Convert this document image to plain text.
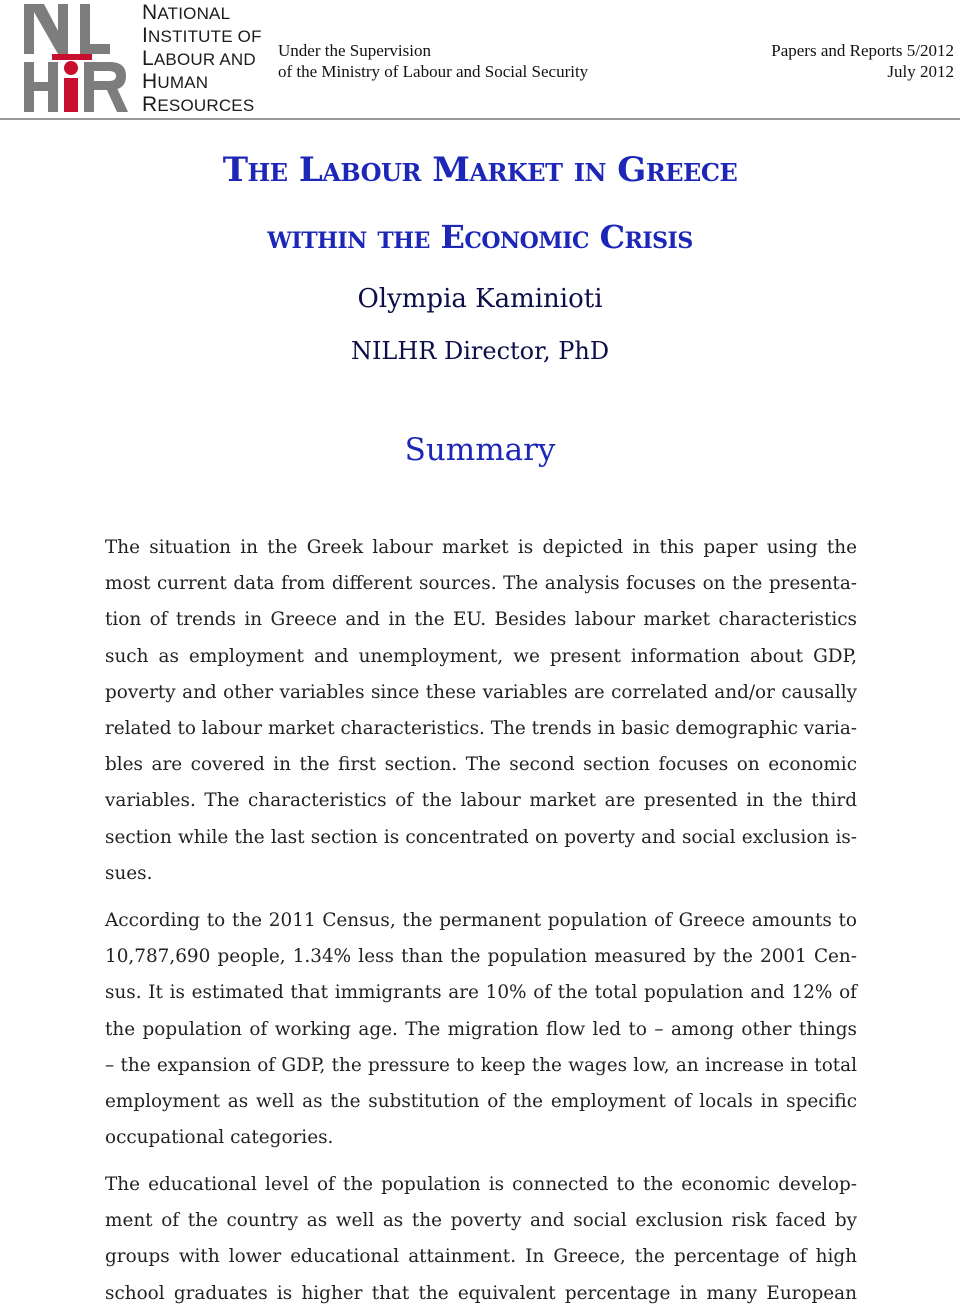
NIHR
NATIONAL
INSTITUTE OF
LABOUR AND
HUMAN
RESOURCES
Under the Supervision
of the Ministry of Labour and Social Security
Papers and Reports 5/2012
July 2012
The Labour Market in Greece
within the Economic Crisis
Olympia Kaminioti
NILHR Director, PhD
Summary
The situation in the Greek labour market is depicted in this paper using the
most current data from different sources. The analysis focuses on the presenta-
tion of trends in Greece and in the EU. Besides labour market characteristics
such as employment and unemployment, we present information about GDP,
poverty and other variables since these variables are correlated and/or causally
related to labour market characteristics. The trends in basic demographic varia-
bles are covered in the first section. The second section focuses on economic
variables. The characteristics of the labour market are presented in the third
section while the last section is concentrated on poverty and social exclusion is-
sues.
According to the 2011 Census, the permanent population of Greece amounts to
10,787,690 people, 1.34% less than the population measured by the 2001 Cen-
sus. It is estimated that immigrants are 10% of the total population and 12% of
the population of working age. The migration flow led to – among other things
– the expansion of GDP, the pressure to keep the wages low, an increase in total
employment as well as the substitution of the employment of locals in specific
occupational categories.
The educational level of the population is connected to the economic develop-
ment of the country as well as the poverty and social exclusion risk faced by
groups with lower educational attainment. In Greece, the percentage of high
school graduates is higher that the equivalent percentage in many European
